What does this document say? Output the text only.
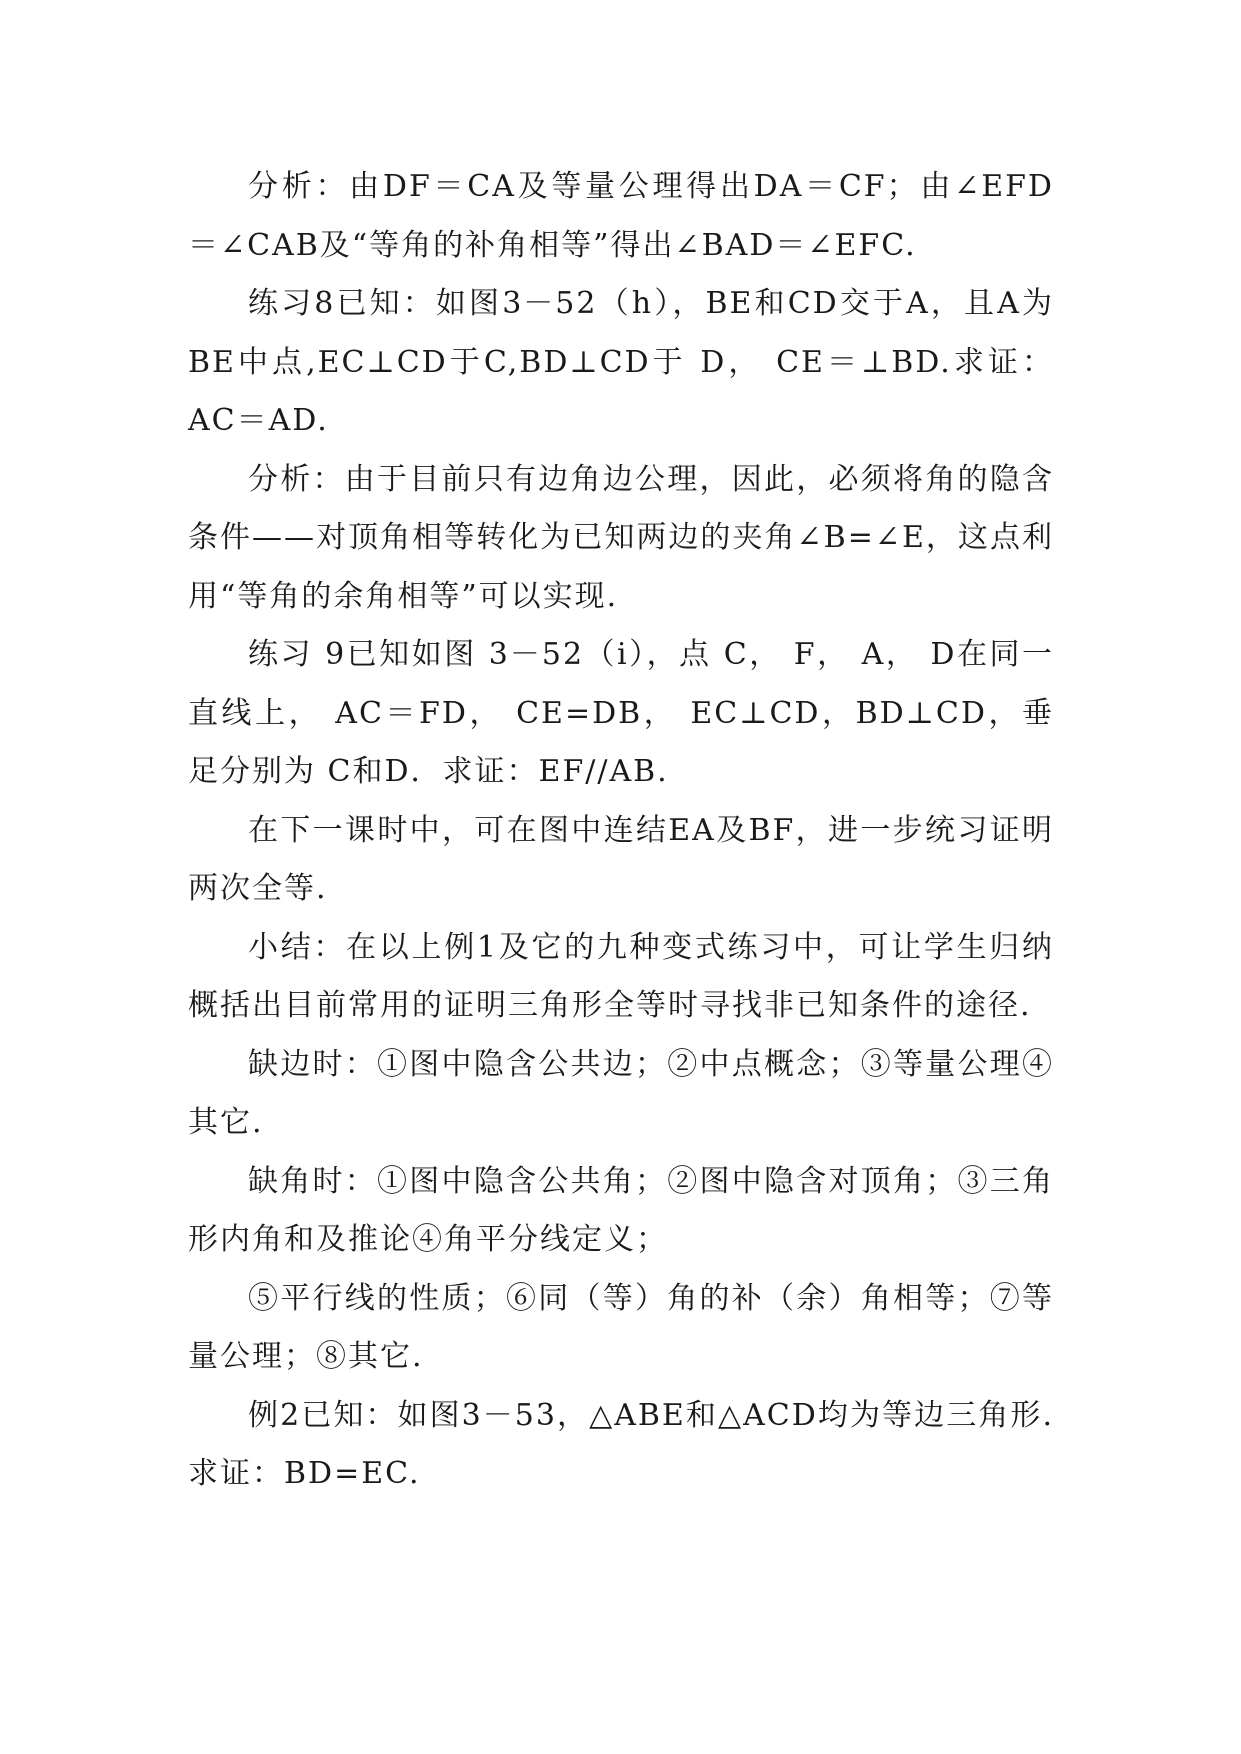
分析：由DF＝CA及等量公理得出DA＝CF；由∠EFD＝∠CAB及“等角的补角相等”得出∠BAD＝∠EFC.

练习8已知：如图3－52（h），BE和CD交于A，且A为BE中点,EC⊥CD于C,BD⊥CD于 D， CE＝⊥BD.求证： AC＝AD.

分析：由于目前只有边角边公理，因此，必须将角的隐含条件——对顶角相等转化为已知两边的夹角∠B=∠E，这点利用“等角的余角相等”可以实现.

练习 9已知如图 3－52（i），点 C， F， A， D在同一直线上， AC＝FD， CE=DB， EC⊥CD，BD⊥CD，垂足分别为 C和D．求证：EF//AB.

在下一课时中，可在图中连结EA及BF，进一步统习证明两次全等.

小结：在以上例1及它的九种变式练习中，可让学生归纳概括出目前常用的证明三角形全等时寻找非已知条件的途径.

缺边时：①图中隐含公共边；②中点概念；③等量公理④其它.

缺角时：①图中隐含公共角；②图中隐含对顶角；③三角形内角和及推论④角平分线定义；

⑤平行线的性质；⑥同（等）角的补（余）角相等；⑦等量公理；⑧其它.

例2已知：如图3－53，△ABE和△ACD均为等边三角形.求证：BD=EC.
